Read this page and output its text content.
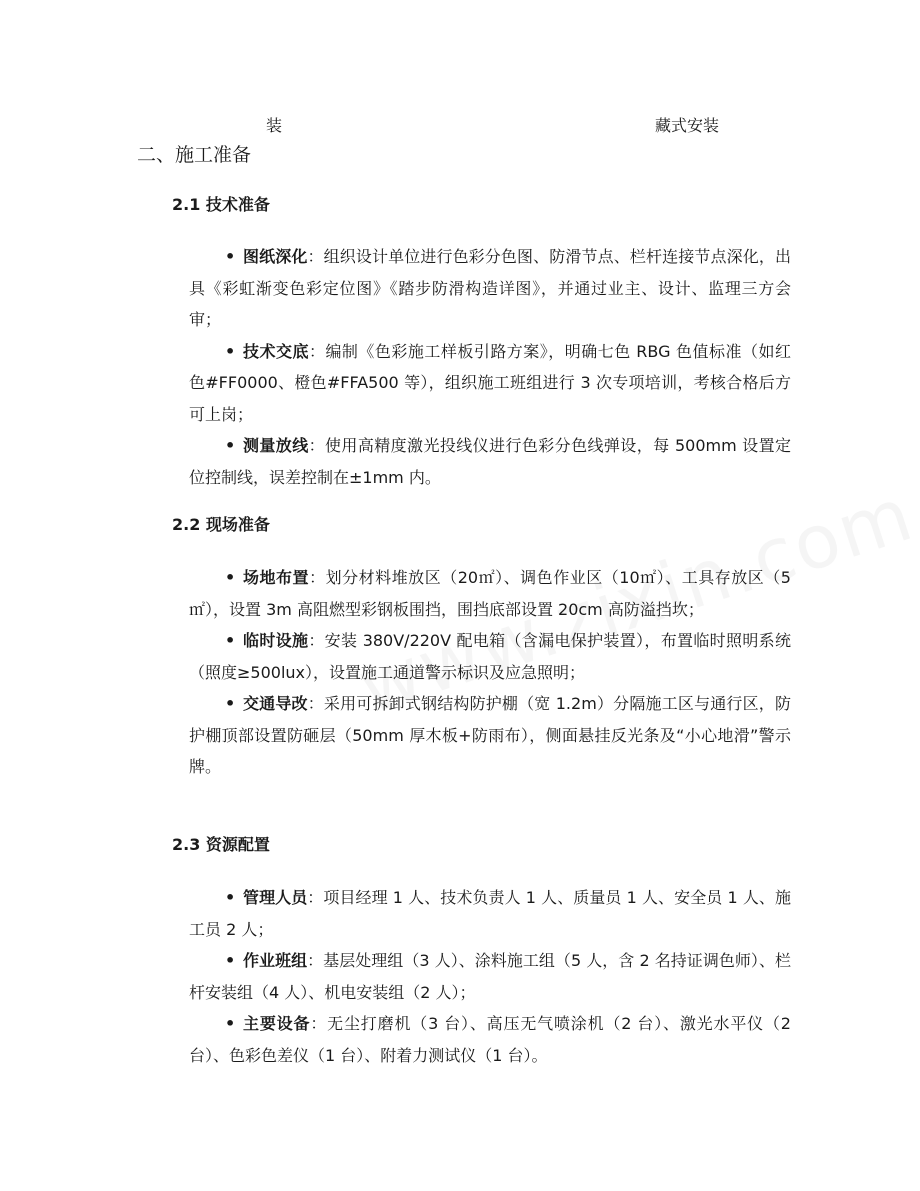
装	藏式安装
二、施工准备
2.1 技术准备
• 图纸深化：组织设计单位进行色彩分色图、防滑节点、栏杆连接节点深化，出具《彩虹渐变色彩定位图》《踏步防滑构造详图》，并通过业主、设计、监理三方会审；
• 技术交底：编制《色彩施工样板引路方案》，明确七色 RBG 色值标准（如红色#FF0000、橙色#FFA500 等），组织施工班组进行 3 次专项培训，考核合格后方可上岗；
• 测量放线：使用高精度激光投线仪进行色彩分色线弹设，每 500mm 设置定位控制线，误差控制在±1mm 内。
2.2 现场准备
• 场地布置：划分材料堆放区（20㎡）、调色作业区（10㎡）、工具存放区（5㎡），设置 3m 高阻燃型彩钢板围挡，围挡底部设置 20cm 高防溢挡坎；
• 临时设施：安装 380V/220V 配电箱（含漏电保护装置），布置临时照明系统（照度≥500lux），设置施工通道警示标识及应急照明；
• 交通导改：采用可拆卸式钢结构防护棚（宽 1.2m）分隔施工区与通行区，防护棚顶部设置防砸层（50mm 厚木板+防雨布），侧面悬挂反光条及“小心地滑”警示牌。
2.3 资源配置
• 管理人员：项目经理 1 人、技术负责人 1 人、质量员 1 人、安全员 1 人、施工员 2 人；
• 作业班组：基层处理组（3 人）、涂料施工组（5 人，含 2 名持证调色师）、栏杆安装组（4 人）、机电安装组（2 人）；
• 主要设备：无尘打磨机（3 台）、高压无气喷涂机（2 台）、激光水平仪（2 台）、色彩色差仪（1 台）、附着力测试仪（1 台）。
